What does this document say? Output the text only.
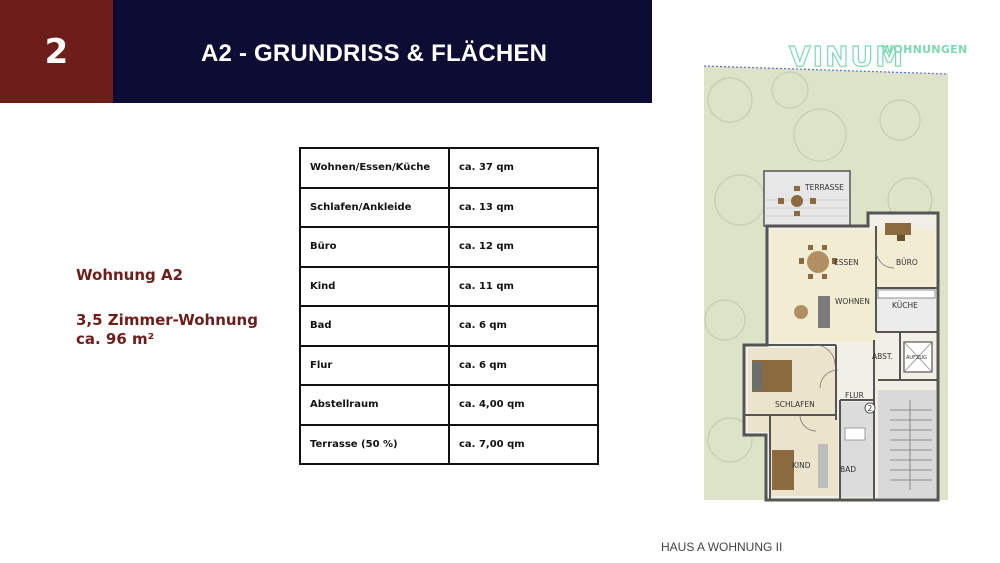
2	A2 - GRUNDRISS & FLÄCHEN	VINUM
WOHNUNGEN
Wohnung A2
3,5 Zimmer-Wohnung
ca. 96 m²
Wohnen/Essen/Küche	ca. 37 qm
Schlafen/Ankleide	ca. 13 qm
Büro	ca. 12 qm
Kind	ca. 11 qm
Bad	ca. 6 qm
Flur	ca. 6 qm
Abstellraum	ca. 4,00 qm
Terrasse (50 %)	ca. 7,00 qm
TERRASSE
ESSEN	BÜRO
WOHNEN	KÜCHE
ABST.	AUFZUG
SCHLAFEN
FLUR
2
KIND	BAD
HAUS A WOHNUNG II
